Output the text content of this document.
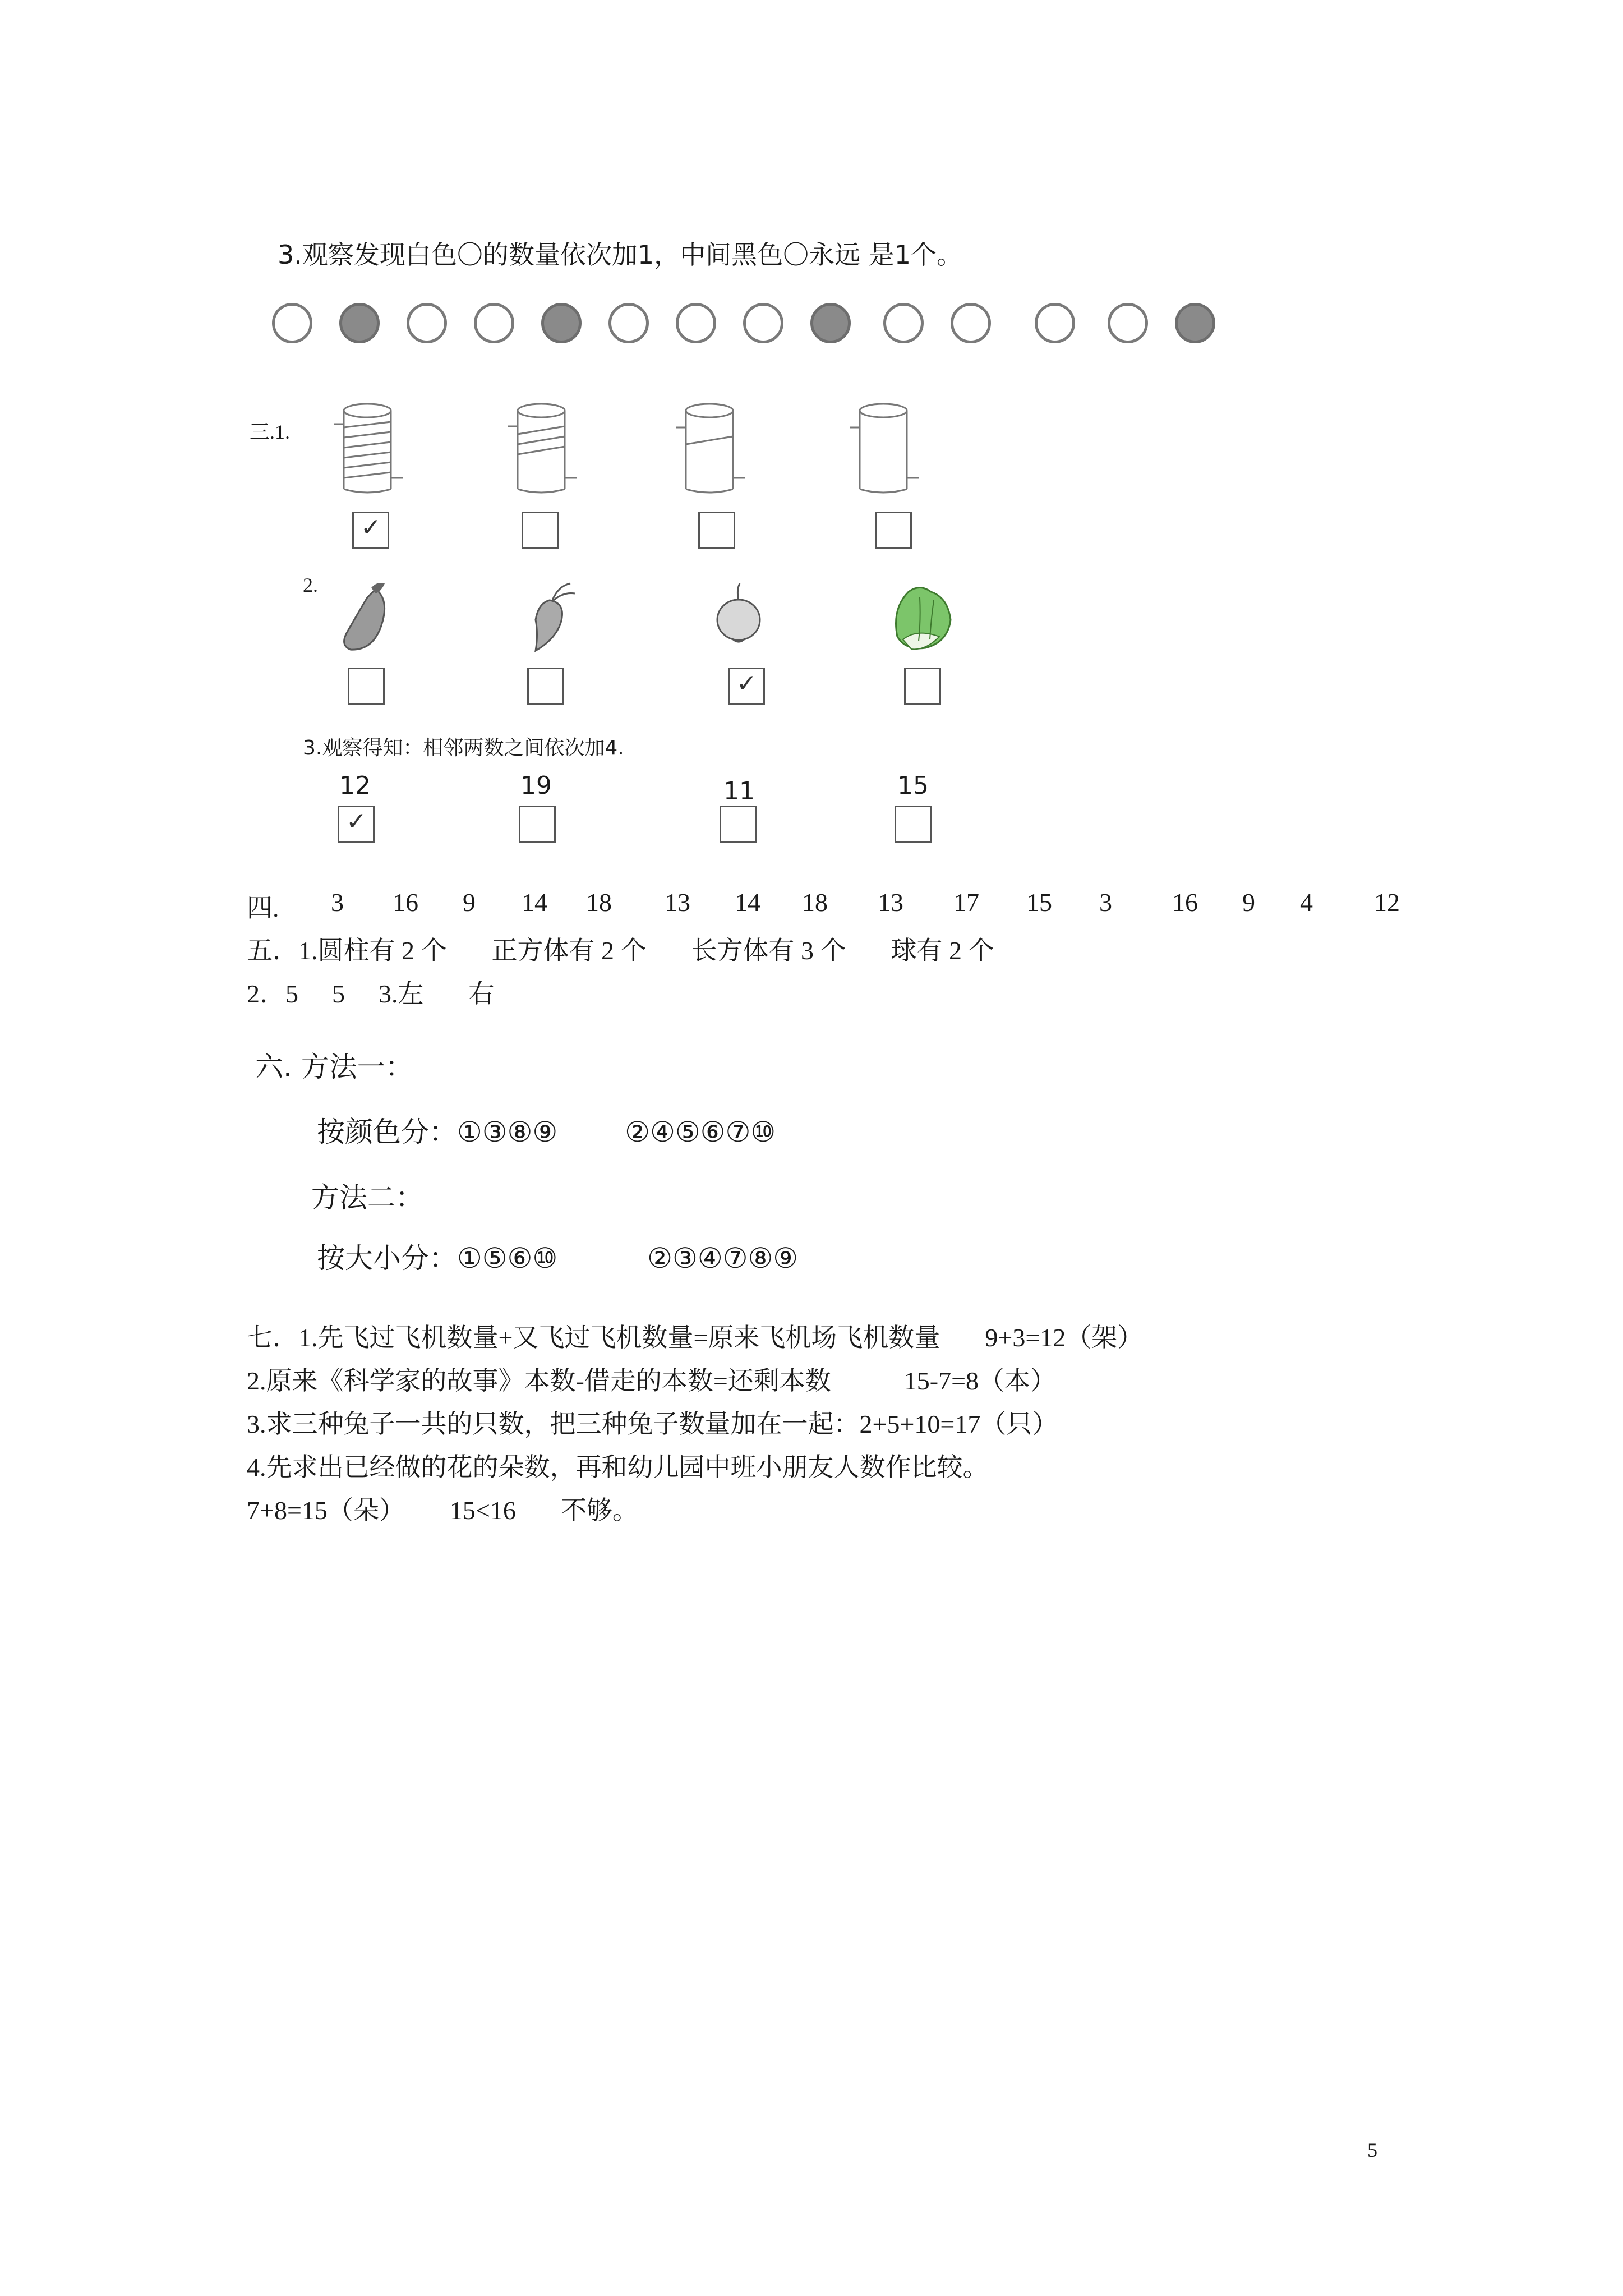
3.观察发现白色〇的数量依次加1，中间黑色〇永远 是1个。
三.1.
✓
2.
✓
3.观察得知：相邻两数之间依次加4.
12	19	11	15
✓
四. 3 16 9 14 18 13 14 18 13 17 15 3 16 9 4 12
五．1.圆柱有 2 个 正方体有 2 个 长方体有 3 个 球有 2 个
2．5 5 3.左 右
六. 方法一：
按颜色分：①③⑧⑨ ②④⑤⑥⑦⑩
方法二：
按大小分：①⑤⑥⑩	②③④⑦⑧⑨
七．1.先飞过飞机数量+又飞过飞机数量=原来飞机场飞机数量 9+3=12（架）
2.原来《科学家的故事》本数-借走的本数=还剩本数	15-7=8（本）
3.求三种兔子一共的只数，把三种兔子数量加在一起：2+5+10=17（只）
4.先求出已经做的花的朵数，再和幼儿园中班小朋友人数作比较。
7+8=15（朵） 15<16 不够。
5
